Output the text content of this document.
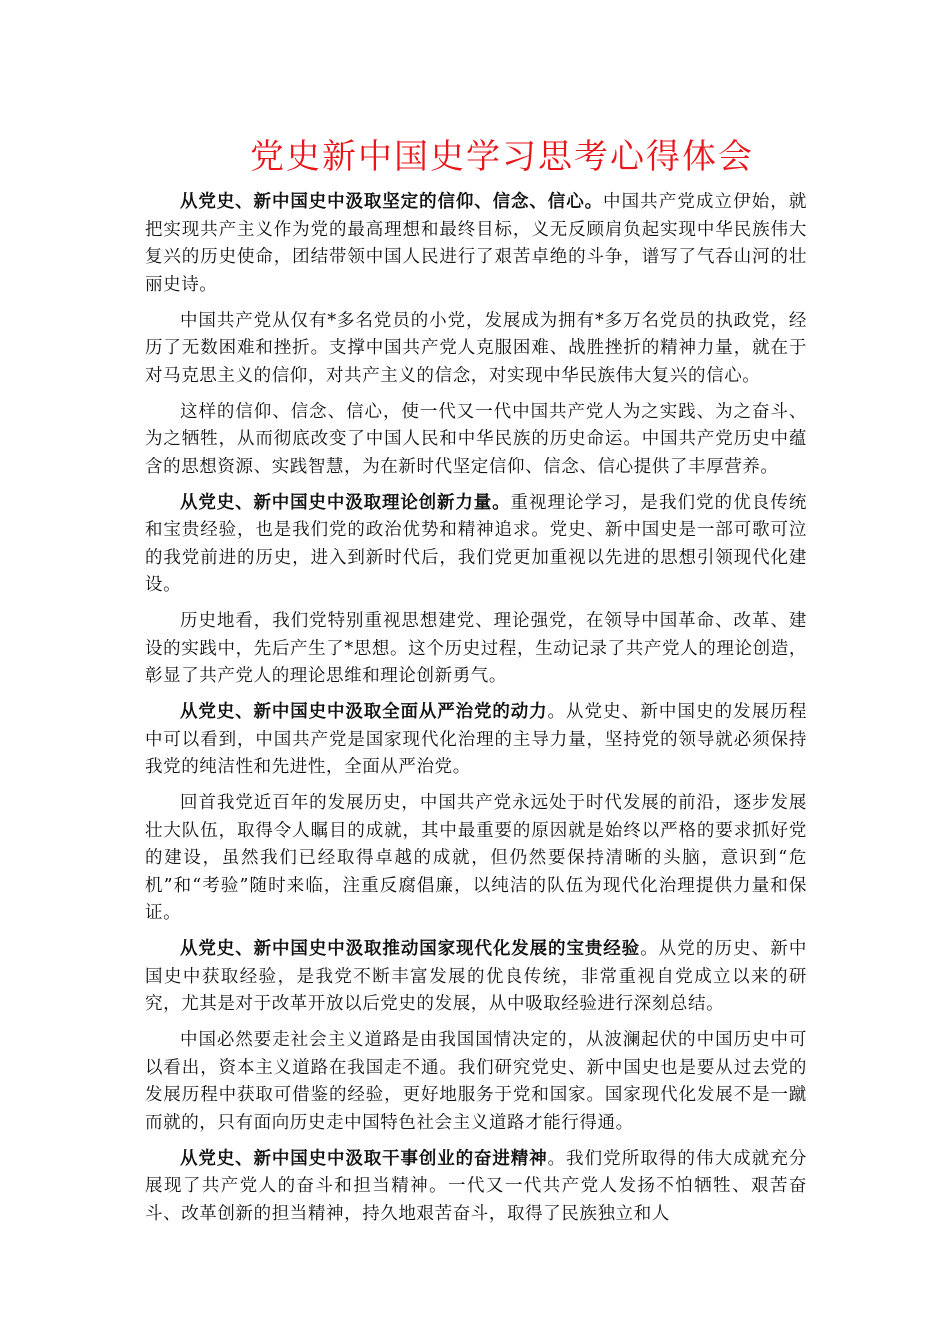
党史新中国史学习思考心得体会

从党史、新中国史中汲取坚定的信仰、信念、信心。中国共产党成立伊始，就把实现共产主义作为党的最高理想和最终目标，义无反顾肩负起实现中华民族伟大复兴的历史使命，团结带领中国人民进行了艰苦卓绝的斗争，谱写了气吞山河的壮丽史诗。

中国共产党从仅有*多名党员的小党，发展成为拥有*多万名党员的执政党，经历了无数困难和挫折。支撑中国共产党人克服困难、战胜挫折的精神力量，就在于对马克思主义的信仰，对共产主义的信念，对实现中华民族伟大复兴的信心。

这样的信仰、信念、信心，使一代又一代中国共产党人为之实践、为之奋斗、为之牺牲，从而彻底改变了中国人民和中华民族的历史命运。中国共产党历史中蕴含的思想资源、实践智慧，为在新时代坚定信仰、信念、信心提供了丰厚营养。

从党史、新中国史中汲取理论创新力量。重视理论学习，是我们党的优良传统和宝贵经验，也是我们党的政治优势和精神追求。党史、新中国史是一部可歌可泣的我党前进的历史，进入到新时代后，我们党更加重视以先进的思想引领现代化建设。

历史地看，我们党特别重视思想建党、理论强党，在领导中国革命、改革、建设的实践中，先后产生了*思想。这个历史过程，生动记录了共产党人的理论创造，彰显了共产党人的理论思维和理论创新勇气。

从党史、新中国史中汲取全面从严治党的动力。从党史、新中国史的发展历程中可以看到，中国共产党是国家现代化治理的主导力量，坚持党的领导就必须保持我党的纯洁性和先进性，全面从严治党。

回首我党近百年的发展历史，中国共产党永远处于时代发展的前沿，逐步发展壮大队伍，取得令人瞩目的成就，其中最重要的原因就是始终以严格的要求抓好党的建设，虽然我们已经取得卓越的成就，但仍然要保持清晰的头脑，意识到“危机”和“考验”随时来临，注重反腐倡廉，以纯洁的队伍为现代化治理提供力量和保证。

从党史、新中国史中汲取推动国家现代化发展的宝贵经验。从党的历史、新中国史中获取经验，是我党不断丰富发展的优良传统，非常重视自党成立以来的研究，尤其是对于改革开放以后党史的发展，从中吸取经验进行深刻总结。

中国必然要走社会主义道路是由我国国情决定的，从波澜起伏的中国历史中可以看出，资本主义道路在我国走不通。我们研究党史、新中国史也是要从过去党的发展历程中获取可借鉴的经验，更好地服务于党和国家。国家现代化发展不是一蹴而就的，只有面向历史走中国特色社会主义道路才能行得通。

从党史、新中国史中汲取干事创业的奋进精神。我们党所取得的伟大成就充分展现了共产党人的奋斗和担当精神。一代又一代共产党人发扬不怕牺牲、艰苦奋斗、改革创新的担当精神，持久地艰苦奋斗，取得了民族独立和人
